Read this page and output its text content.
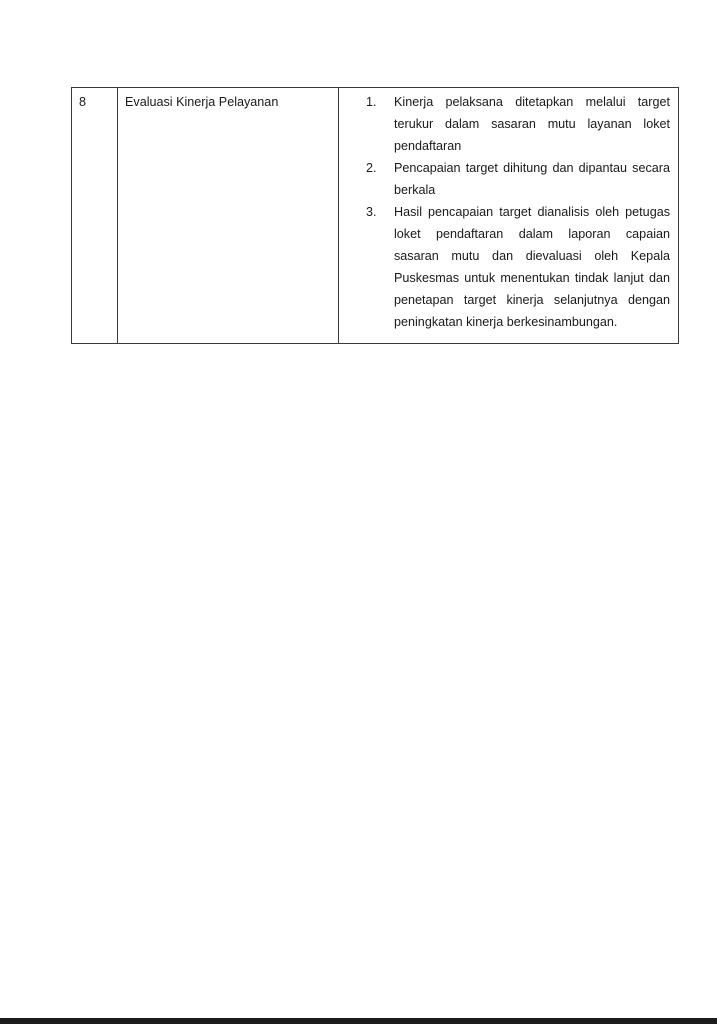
8	Evaluasi Kinerja Pelayanan	1.	Kinerja pelaksana ditetapkan melalui target terukur dalam sasaran mutu layanan loket pendaftaran
2.	Pencapaian target dihitung dan dipantau secara berkala
3.	Hasil pencapaian target dianalisis oleh petugas loket pendaftaran dalam laporan capaian sasaran mutu dan dievaluasi oleh Kepala Puskesmas untuk menentukan tindak lanjut dan penetapan target kinerja selanjutnya dengan peningkatan kinerja berkesinambungan.
